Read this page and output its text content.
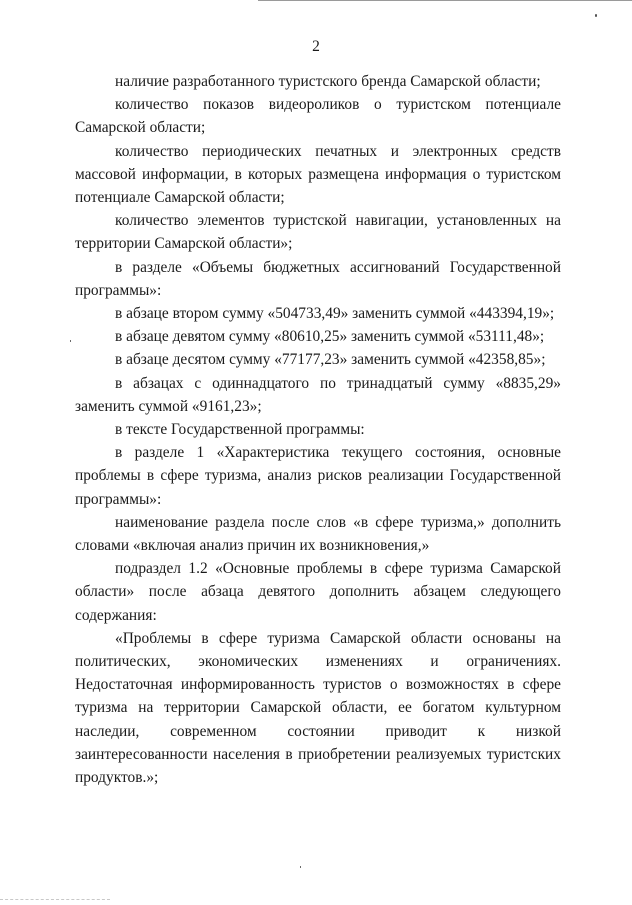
2

наличие разработанного туристского бренда Самарской области;

количество показов видеороликов о туристском потенциале Самарской области;

количество периодических печатных и электронных средств массовой информации, в которых размещена информация о туристском потенциале Самарской области;

количество элементов туристской навигации, установленных на территории Самарской области»;

в разделе «Объемы бюджетных ассигнований Государственной программы»:

в абзаце втором сумму «504733,49» заменить суммой «443394,19»;

в абзаце девятом сумму «80610,25» заменить суммой «53111,48»;

в абзаце десятом сумму «77177,23» заменить суммой «42358,85»;

в абзацах с одиннадцатого по тринадцатый сумму «8835,29» заменить суммой «9161,23»;

в тексте Государственной программы:

в разделе 1 «Характеристика текущего состояния, основные проблемы в сфере туризма, анализ рисков реализации Государственной программы»:

наименование раздела после слов «в сфере туризма,» дополнить словами «включая анализ причин их возникновения,»

подраздел 1.2 «Основные проблемы в сфере туризма Самарской области» после абзаца девятого дополнить абзацем следующего содержания:

«Проблемы в сфере туризма Самарской области основаны на политических, экономических изменениях и ограничениях. Недостаточная информированность туристов о возможностях в сфере туризма на территории Самарской области, ее богатом культурном наследии, современном состоянии приводит к низкой заинтересованности населения в приобретении реализуемых туристских продуктов.»;
